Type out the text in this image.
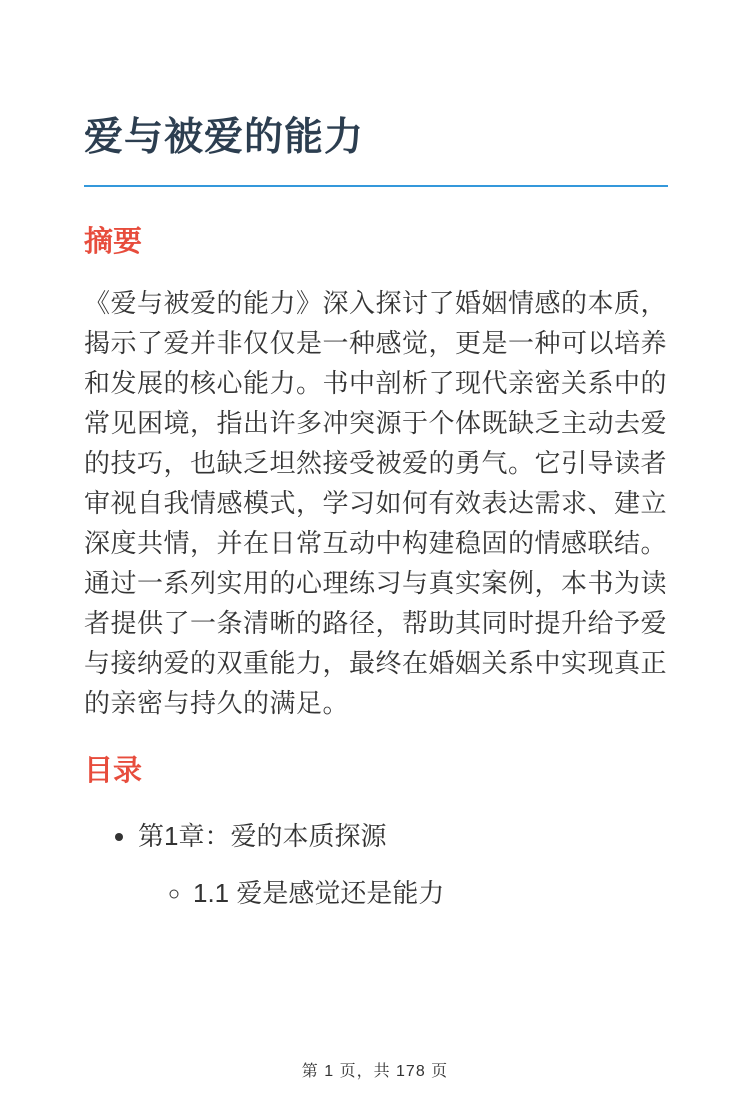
爱与被爱的能力
摘要

《爱与被爱的能力》深入探讨了婚姻情感的本质，揭示了爱并非仅仅是一种感觉，更是一种可以培养和发展的核心能力。书中剖析了现代亲密关系中的常见困境，指出许多冲突源于个体既缺乏主动去爱的技巧，也缺乏坦然接受被爱的勇气。它引导读者审视自我情感模式，学习如何有效表达需求、建立深度共情，并在日常互动中构建稳固的情感联结。通过一系列实用的心理练习与真实案例，本书为读者提供了一条清晰的路径，帮助其同时提升给予爱与接纳爱的双重能力，最终在婚姻关系中实现真正的亲密与持久的满足。

目录
• 第1章：爱的本质探源
◦ 1.1 爱是感觉还是能力
第 1 页，共 178 页
